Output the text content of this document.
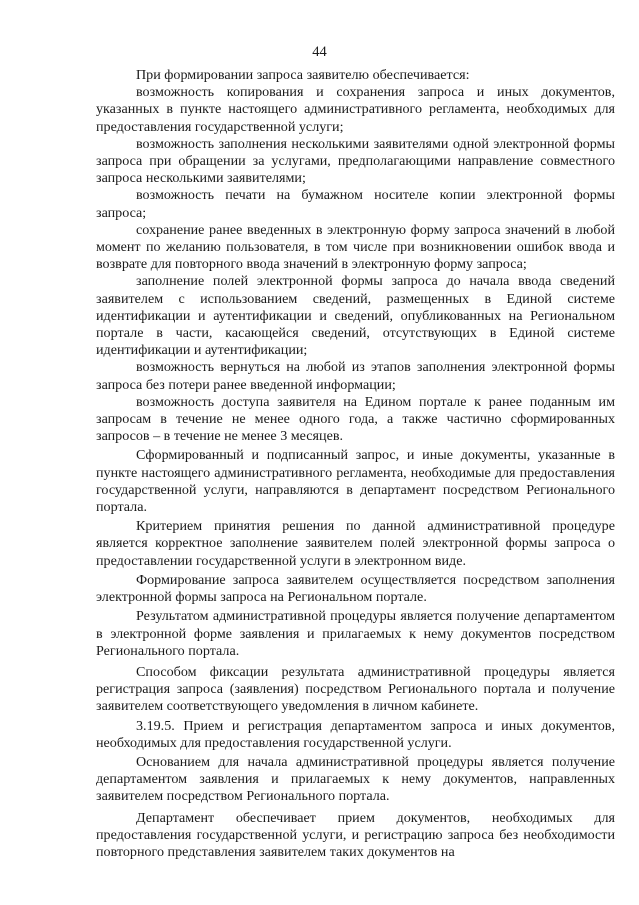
44

При формировании запроса заявителю обеспечивается:

возможность копирования и сохранения запроса и иных документов, указанных в пункте настоящего административного регламента, необходимых для предоставления государственной услуги;

возможность заполнения несколькими заявителями одной электронной формы запроса при обращении за услугами, предполагающими направление совместного запроса несколькими заявителями;

возможность печати на бумажном носителе копии электронной формы запроса;

сохранение ранее введенных в электронную форму запроса значений в любой момент по желанию пользователя, в том числе при возникновении ошибок ввода и возврате для повторного ввода значений в электронную форму запроса;

заполнение полей электронной формы запроса до начала ввода сведений заявителем с использованием сведений, размещенных в Единой системе идентификации и аутентификации и сведений, опубликованных на Региональном портале в части, касающейся сведений, отсутствующих в Единой системе идентификации и аутентификации;

возможность вернуться на любой из этапов заполнения электронной формы запроса без потери ранее введенной информации;

возможность доступа заявителя на Едином портале к ранее поданным им запросам в течение не менее одного года, а также частично сформированных запросов – в течение не менее 3 месяцев.

Сформированный и подписанный запрос, и иные документы, указанные в пункте настоящего административного регламента, необходимые для предоставления государственной услуги, направляются в департамент посредством Регионального портала.

Критерием принятия решения по данной административной процедуре является корректное заполнение заявителем полей электронной формы запроса о предоставлении государственной услуги в электронном виде.

Формирование запроса заявителем осуществляется посредством заполнения электронной формы запроса на Региональном портале.

Результатом административной процедуры является получение департаментом в электронной форме заявления и прилагаемых к нему документов посредством Регионального портала.

Способом фиксации результата административной процедуры является регистрация запроса (заявления) посредством Регионального портала и получение заявителем соответствующего уведомления в личном кабинете.

3.19.5. Прием и регистрация департаментом запроса и иных документов, необходимых для предоставления государственной услуги.

Основанием для начала административной процедуры является получение департаментом заявления и прилагаемых к нему документов, направленных заявителем посредством Регионального портала.

Департамент обеспечивает прием документов, необходимых для предоставления государственной услуги, и регистрацию запроса без необходимости повторного представления заявителем таких документов на
